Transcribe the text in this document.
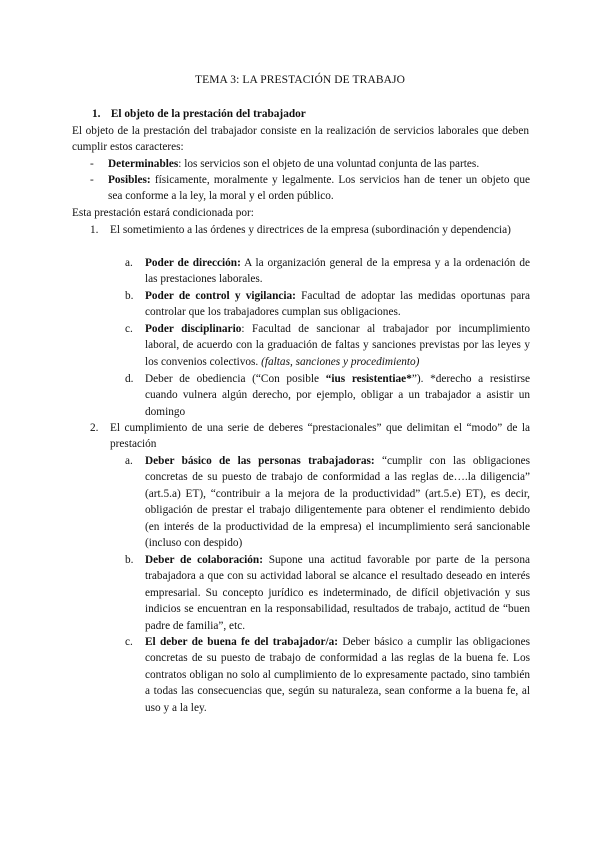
TEMA 3: LA PRESTACIÓN DE TRABAJO
1. El objeto de la prestación del trabajador
El objeto de la prestación del trabajador consiste en la realización de servicios laborales que deben cumplir estos caracteres:
-	Determinables: los servicios son el objeto de una voluntad conjunta de las partes.
-	Posibles: físicamente, moralmente y legalmente. Los servicios han de tener un objeto que sea conforme a la ley, la moral y el orden público.
Esta prestación estará condicionada por:
1.	El sometimiento a las órdenes y directrices de la empresa (subordinación y dependencia)
a.	Poder de dirección: A la organización general de la empresa y a la ordenación de las prestaciones laborales.
b.	Poder de control y vigilancia: Facultad de adoptar las medidas oportunas para controlar que los trabajadores cumplan sus obligaciones.
c.	Poder disciplinario: Facultad de sancionar al trabajador por incumplimiento laboral, de acuerdo con la graduación de faltas y sanciones previstas por las leyes y los convenios colectivos. (faltas, sanciones y procedimiento)
d.	Deber de obediencia (“Con posible “ius resistentiae*”). *derecho a resistirse cuando vulnera algún derecho, por ejemplo, obligar a un trabajador a asistir un domingo
2.	El cumplimiento de una serie de deberes “prestacionales” que delimitan el “modo” de la prestación
a.	Deber básico de las personas trabajadoras: “cumplir con las obligaciones concretas de su puesto de trabajo de conformidad a las reglas de….la diligencia” (art.5.a) ET), “contribuir a la mejora de la productividad” (art.5.e) ET), es decir, obligación de prestar el trabajo diligentemente para obtener el rendimiento debido (en interés de la productividad de la empresa) el incumplimiento será sancionable (incluso con despido)
b.	Deber de colaboración: Supone una actitud favorable por parte de la persona trabajadora a que con su actividad laboral se alcance el resultado deseado en interés empresarial. Su concepto jurídico es indeterminado, de difícil objetivación y sus indicios se encuentran en la responsabilidad, resultados de trabajo, actitud de “buen padre de familia”, etc.
c.	El deber de buena fe del trabajador/a: Deber básico a cumplir las obligaciones concretas de su puesto de trabajo de conformidad a las reglas de la buena fe. Los contratos obligan no solo al cumplimiento de lo expresamente pactado, sino también a todas las consecuencias que, según su naturaleza, sean conforme a la buena fe, al uso y a la ley.
